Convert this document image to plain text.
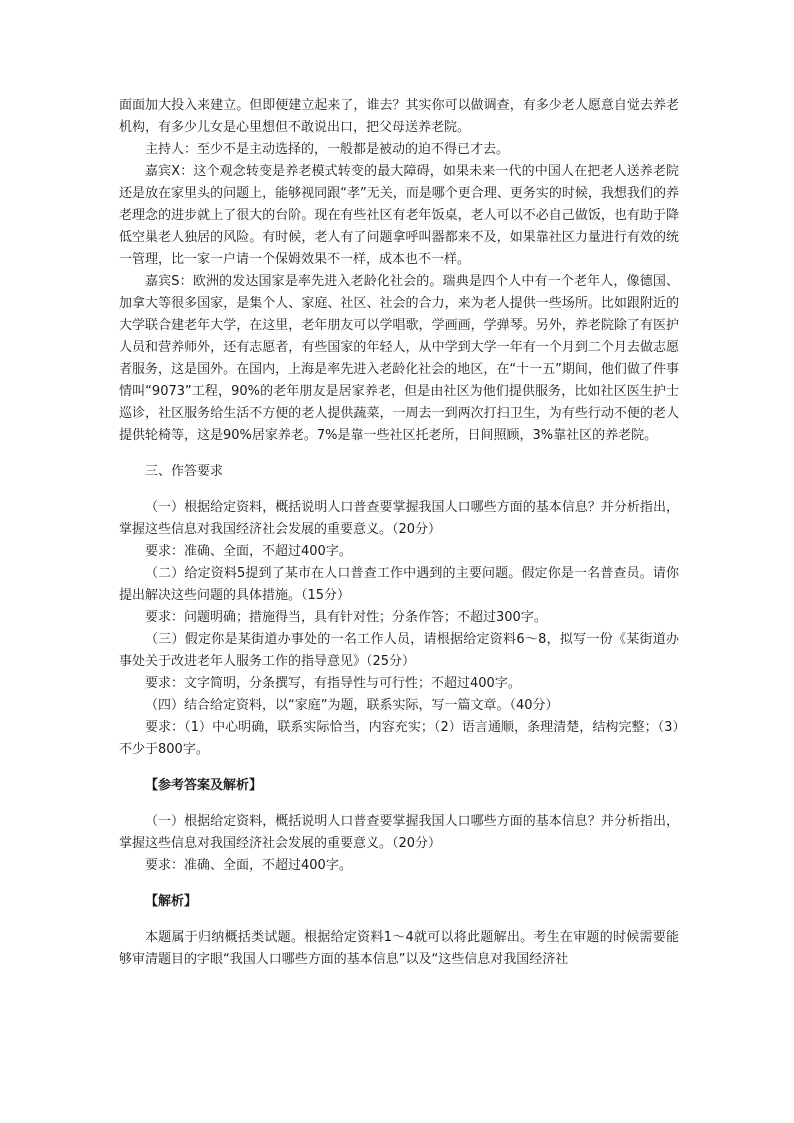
面面加大投入来建立。但即便建立起来了，谁去？其实你可以做调查，有多少老人愿意自觉去养老机构，有多少儿女是心里想但不敢说出口，把父母送养老院。

主持人：至少不是主动选择的，一般都是被动的迫不得已才去。

嘉宾X：这个观念转变是养老模式转变的最大障碍，如果未来一代的中国人在把老人送养老院还是放在家里头的问题上，能够视同跟“孝”无关，而是哪个更合理、更务实的时候，我想我们的养老理念的进步就上了很大的台阶。现在有些社区有老年饭桌，老人可以不必自己做饭，也有助于降低空巢老人独居的风险。有时候，老人有了问题拿呼叫器都来不及，如果靠社区力量进行有效的统一管理，比一家一户请一个保姆效果不一样，成本也不一样。

嘉宾S：欧洲的发达国家是率先进入老龄化社会的。瑞典是四个人中有一个老年人，像德国、加拿大等很多国家，是集个人、家庭、社区、社会的合力，来为老人提供一些场所。比如跟附近的大学联合建老年大学，在这里，老年朋友可以学唱歌，学画画，学弹琴。另外，养老院除了有医护人员和营养师外，还有志愿者，有些国家的年轻人，从中学到大学一年有一个月到二个月去做志愿者服务，这是国外。在国内，上海是率先进入老龄化社会的地区，在“十一五”期间，他们做了件事情叫“9073”工程，90%的老年朋友是居家养老，但是由社区为他们提供服务，比如社区医生护士巡诊，社区服务给生活不方便的老人提供蔬菜，一周去一到两次打扫卫生，为有些行动不便的老人提供轮椅等，这是90%居家养老。7%是靠一些社区托老所，日间照顾，3%靠社区的养老院。

三、作答要求

（一）根据给定资料，概括说明人口普查要掌握我国人口哪些方面的基本信息？并分析指出，掌握这些信息对我国经济社会发展的重要意义。（20分）

要求：准确、全面，不超过400字。

（二）给定资料5提到了某市在人口普查工作中遇到的主要问题。假定你是一名普查员。请你提出解决这些问题的具体措施。（15分）

要求：问题明确；措施得当，具有针对性；分条作答；不超过300字。

（三）假定你是某街道办事处的一名工作人员，请根据给定资料6～8，拟写一份《某街道办事处关于改进老年人服务工作的指导意见》（25分）

要求：文字简明，分条撰写，有指导性与可行性；不超过400字。

（四）结合给定资料，以“家庭”为题，联系实际，写一篇文章。（40分）

要求：（1）中心明确，联系实际恰当，内容充实；（2）语言通顺，条理清楚，结构完整；（3）不少于800字。

【参考答案及解析】

（一）根据给定资料，概括说明人口普查要掌握我国人口哪些方面的基本信息？并分析指出，掌握这些信息对我国经济社会发展的重要意义。（20分）

要求：准确、全面，不超过400字。

【解析】

本题属于归纳概括类试题。根据给定资料1～4就可以将此题解出。考生在审题的时候需要能够审清题目的字眼“我国人口哪些方面的基本信息”以及“这些信息对我国经济社
